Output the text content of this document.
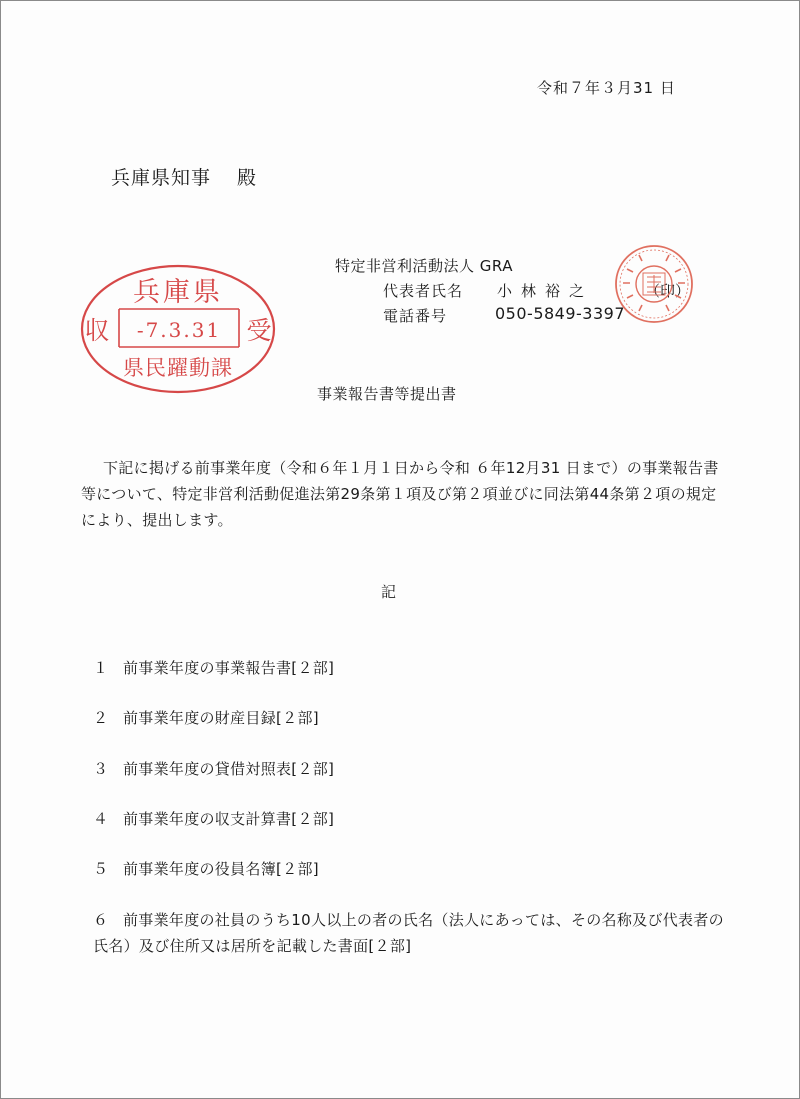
令和７年３月31 日
兵庫県知事 殿
特定非営利活動法人 GRA
代表者氏名 小林裕之	（印）
電話番号	050-5849-3397
兵庫県
収	受
-7.3.31
県民躍動課
事業報告書等提出書
下記に掲げる前事業年度（令和６年１月１日から令和 ６年12月31 日まで）の事業報告書等について、特定非営利活動促進法第29条第１項及び第２項並びに同法第44条第２項の規定により、提出します。
記
１ 前事業年度の事業報告書[２部]
２ 前事業年度の財産目録[２部]
３ 前事業年度の貸借対照表[２部]
４ 前事業年度の収支計算書[２部]
５ 前事業年度の役員名簿[２部]
６ 前事業年度の社員のうち10人以上の者の氏名（法人にあっては、その名称及び代表者の氏名）及び住所又は居所を記載した書面[２部]
